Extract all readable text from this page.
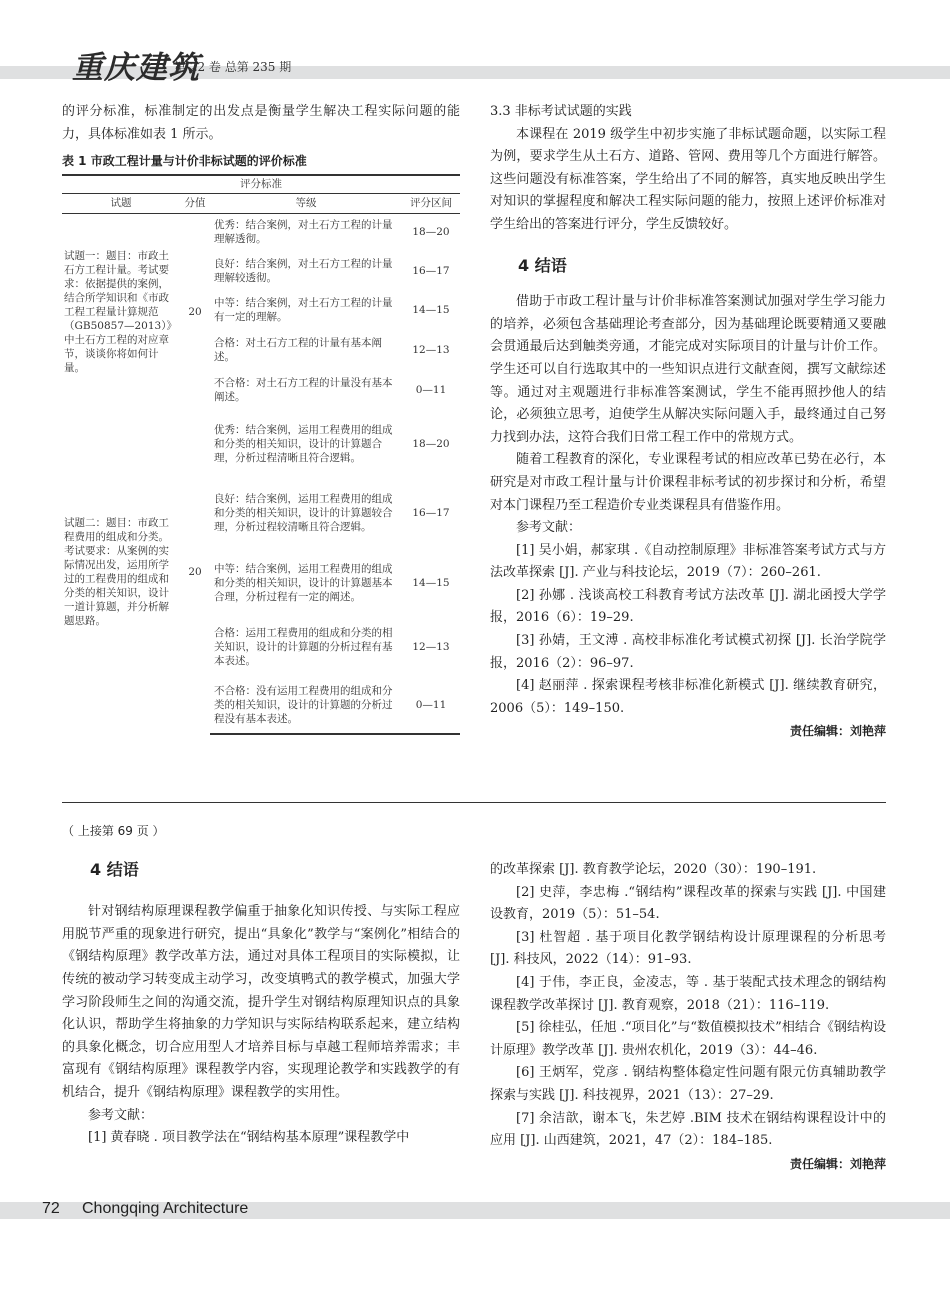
重庆建筑
第 22 卷 总第 235 期

的评分标准，标准制定的出发点是衡量学生解决工程实际问题的能力，具体标准如表 1 所示。

表 1 市政工程计量与计价非标试题的评价标准
评分标准			
试题	分值	等级	评分区间
试题一：题目：市政土石方工程计量。考试要求：依据提供的案例，结合所学知识和《市政工程工程量计算规范（GB50857—2013）》中土石方工程的对应章节，谈谈你将如何计量。	20	优秀：结合案例，对土石方工程的计量理解透彻。	18—20
		良好：结合案例，对土石方工程的计量理解较透彻。	16—17
		中等：结合案例，对土石方工程的计量有一定的理解。	14—15
		合格：对土石方工程的计量有基本阐述。	12—13
		不合格：对土石方工程的计量没有基本阐述。	0—11
试题二：题目：市政工程费用的组成和分类。考试要求：从案例的实际情况出发，运用所学过的工程费用的组成和分类的相关知识，设计一道计算题，并分析解题思路。	20	优秀：结合案例，运用工程费用的组成和分类的相关知识，设计的计算题合理，分析过程清晰且符合逻辑。	18—20
		良好：结合案例，运用工程费用的组成和分类的相关知识，设计的计算题较合理，分析过程较清晰且符合逻辑。	16—17
		中等：结合案例，运用工程费用的组成和分类的相关知识，设计的计算题基本合理，分析过程有一定的阐述。	14—15
		合格：运用工程费用的组成和分类的相关知识，设计的计算题的分析过程有基本表述。	12—13
		不合格：没有运用工程费用的组成和分类的相关知识，设计的计算题的分析过程没有基本表述。	0—11

3.3 非标考试试题的实践

本课程在 2019 级学生中初步实施了非标试题命题，以实际工程为例，要求学生从土石方、道路、管网、费用等几个方面进行解答。这些问题没有标准答案，学生给出了不同的解答，真实地反映出学生对知识的掌握程度和解决工程实际问题的能力，按照上述评价标准对学生给出的答案进行评分，学生反馈较好。

4 结语

借助于市政工程计量与计价非标准答案测试加强对学生学习能力的培养，必须包含基础理论考查部分，因为基础理论既要精通又要融会贯通最后达到触类旁通，才能完成对实际项目的计量与计价工作。学生还可以自行选取其中的一些知识点进行文献查阅，撰写文献综述等。通过对主观题进行非标准答案测试，学生不能再照抄他人的结论，必须独立思考，迫使学生从解决实际问题入手，最终通过自己努力找到办法，这符合我们日常工程工作中的常规方式。

随着工程教育的深化，专业课程考试的相应改革已势在必行，本研究是对市政工程计量与计价课程非标考试的初步探讨和分析，希望对本门课程乃至工程造价专业类课程具有借鉴作用。

参考文献：

[1] 吴小娟，郝家琪 .《自动控制原理》非标准答案考试方式与方法改革探索 [J]. 产业与科技论坛，2019（7）：260–261.

[2] 孙娜 . 浅谈高校工科教育考试方法改革 [J]. 湖北函授大学学报，2016（6）：19–29.

[3] 孙婧，王文溥 . 高校非标准化考试模式初探 [J]. 长治学院学报，2016（2）：96–97.

[4] 赵丽萍 . 探索课程考核非标准化新模式 [J]. 继续教育研究，2006（5）：149–150.

责任编辑：刘艳萍

（ 上接第 69 页 ）

4 结语

针对钢结构原理课程教学偏重于抽象化知识传授、与实际工程应用脱节严重的现象进行研究，提出“具象化”教学与“案例化”相结合的《钢结构原理》教学改革方法，通过对具体工程项目的实际模拟，让传统的被动学习转变成主动学习，改变填鸭式的教学模式，加强大学学习阶段师生之间的沟通交流，提升学生对钢结构原理知识点的具象化认识，帮助学生将抽象的力学知识与实际结构联系起来，建立结构的具象化概念，切合应用型人才培养目标与卓越工程师培养需求；丰富现有《钢结构原理》课程教学内容，实现理论教学和实践教学的有机结合，提升《钢结构原理》课程教学的实用性。

参考文献：

[1] 黄春晓 . 项目教学法在“钢结构基本原理”课程教学中

的改革探索 [J]. 教育教学论坛，2020（30）：190–191.

[2] 史萍，李忠梅 .“钢结构”课程改革的探索与实践 [J]. 中国建设教育，2019（5）：51–54.

[3] 杜智超 . 基于项目化教学钢结构设计原理课程的分析思考 [J]. 科技风，2022（14）：91–93.

[4] 于伟，李正良，金凌志，等 . 基于装配式技术理念的钢结构课程教学改革探讨 [J]. 教育观察，2018（21）：116–119.

[5] 徐桂弘，任旭 .“项目化”与“数值模拟技术”相结合《钢结构设计原理》教学改革 [J]. 贵州农机化，2019（3）：44–46.

[6] 王炳军，党彦 . 钢结构整体稳定性问题有限元仿真辅助教学探索与实践 [J]. 科技视界，2021（13）：27–29.

[7] 余洁歆，谢本飞，朱艺婷 .BIM 技术在钢结构课程设计中的应用 [J]. 山西建筑，2021，47（2）：184–185.

责任编辑：刘艳萍

72 Chongqing Architecture
